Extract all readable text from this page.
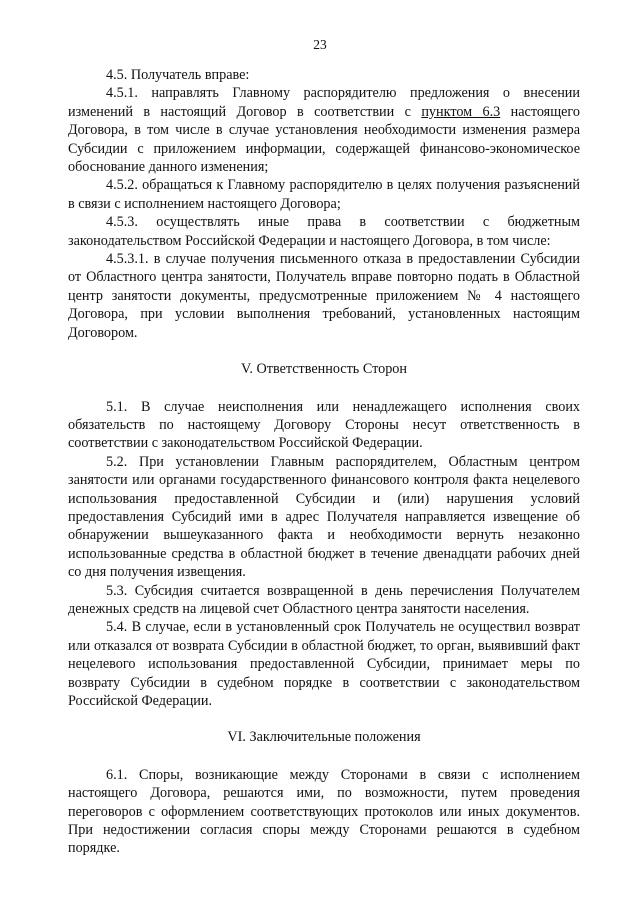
23

4.5. Получатель вправе:

4.5.1. направлять Главному распорядителю предложения о внесении изменений в настоящий Договор в соответствии с пунктом 6.3 настоящего Договора, в том числе в случае установления необходимости изменения размера Субсидии с приложением информации, содержащей финансово-экономическое обоснование данного изменения;

4.5.2. обращаться к Главному распорядителю в целях получения разъяснений в связи с исполнением настоящего Договора;

4.5.3. осуществлять иные права в соответствии с бюджетным законодательством Российской Федерации и настоящего Договора, в том числе:

4.5.3.1. в случае получения письменного отказа в предоставлении Субсидии от Областного центра занятости, Получатель вправе повторно подать в Областной центр занятости документы, предусмотренные приложением № 4 настоящего Договора, при условии выполнения требований, установленных настоящим Договором.

V. Ответственность Сторон

5.1. В случае неисполнения или ненадлежащего исполнения своих обязательств по настоящему Договору Стороны несут ответственность в соответствии с законодательством Российской Федерации.

5.2. При установлении Главным распорядителем, Областным центром занятости или органами государственного финансового контроля факта нецелевого использования предоставленной Субсидии и (или) нарушения условий предоставления Субсидий ими в адрес Получателя направляется извещение об обнаружении вышеуказанного факта и необходимости вернуть незаконно использованные средства в областной бюджет в течение двенадцати рабочих дней со дня получения извещения.

5.3. Субсидия считается возвращенной в день перечисления Получателем денежных средств на лицевой счет Областного центра занятости населения.

5.4. В случае, если в установленный срок Получатель не осуществил возврат или отказался от возврата Субсидии в областной бюджет, то орган, выявивший факт нецелевого использования предоставленной Субсидии, принимает меры по возврату Субсидии в судебном порядке в соответствии с законодательством Российской Федерации.

VI. Заключительные положения

6.1. Споры, возникающие между Сторонами в связи с исполнением настоящего Договора, решаются ими, по возможности, путем проведения переговоров с оформлением соответствующих протоколов или иных документов. При недостижении согласия споры между Сторонами решаются в судебном порядке.
